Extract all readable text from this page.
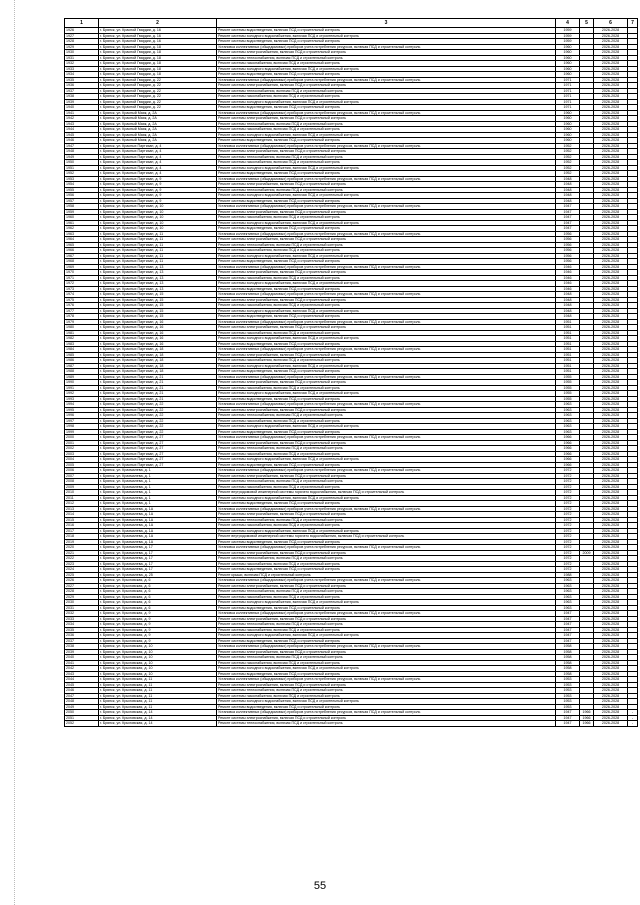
1	2	3	4	5	6	7
1926	г. Брянск, ул. Красной Гвардии, д. 16	Ремонт системы водоотведения, включая ПСД и строительный контроль	1959		2026-2028	
1927	г. Брянск, ул. Красной Гвардии, д. 16	Ремонт системы холодного водоснабжения, включая ПСД и строительный контроль	1959		2026-2028	
1928	г. Брянск, ул. Красной Гвардии, д. 16	Ремонт системы водоотведения, включая ПСД и строительный контроль	1959		2026-2028	
1929	г. Брянск, ул. Красной Гвардии, д. 18	Установка коллективных (общедомовых) приборов учета потребления ресурсов, включая ПСД и строительный контроль	1960		2026-2028	
1930	г. Брянск, ул. Красной Гвардии, д. 18	Ремонт системы электроснабжения, включая ПСД и строительный контроль	1960		2026-2028	
1931	г. Брянск, ул. Красной Гвардии, д. 18	Ремонт системы теплоснабжения, включая ПСД и строительный контроль	1960		2026-2028	
1932	г. Брянск, ул. Красной Гвардии, д. 18	Ремонт системы газоснабжения, включая ПСД и строительный контроль	1960		2026-2028	
1933	г. Брянск, ул. Красной Гвардии, д. 18	Ремонт системы холодного водоснабжения, включая ПСД и строительный контроль	1960		2026-2028	
1934	г. Брянск, ул. Красной Гвардии, д. 18	Ремонт системы водоотведения, включая ПСД и строительный контроль	1960		2026-2028	
1935	г. Брянск, ул. Красной Гвардии, д. 22	Установка коллективных (общедомовых) приборов учета потребления ресурсов, включая ПСД и строительный контроль	1971		2026-2028	
1936	г. Брянск, ул. Красной Гвардии, д. 22	Ремонт системы электроснабжения, включая ПСД и строительный контроль	1971		2026-2028	
1937	г. Брянск, ул. Красной Гвардии, д. 22	Ремонт системы теплоснабжения, включая ПСД и строительный контроль	1971		2026-2028	
1938	г. Брянск, ул. Красной Гвардии, д. 22	Ремонт системы газоснабжения, включая ПСД и строительный контроль	1971		2026-2028	
1939	г. Брянск, ул. Красной Гвардии, д. 22	Ремонт системы холодного водоснабжения, включая ПСД и строительный контроль	1971		2026-2028	
1940	г. Брянск, ул. Красной Гвардии, д. 22	Ремонт системы водоотведения, включая ПСД и строительный контроль	1971		2026-2028	
1941	г. Брянск, ул. Красный Маяк, д. 2А	Установка коллективных (общедомовых) приборов учета потребления ресурсов, включая ПСД и строительный контроль	1960		2026-2028	
1942	г. Брянск, ул. Красный Маяк, д. 2А	Ремонт системы электроснабжения, включая ПСД и строительный контроль	1960		2026-2028	
1943	г. Брянск, ул. Красный Маяк, д. 2А	Ремонт системы теплоснабжения, включая ПСД и строительный контроль	1960		2026-2028	
1944	г. Брянск, ул. Красный Маяк, д. 2А	Ремонт системы газоснабжения, включая ПСД и строительный контроль	1960		2026-2028	
1945	г. Брянск, ул. Красный Маяк, д. 2А	Ремонт системы холодного водоснабжения, включая ПСД и строительный контроль	1960		2026-2028	
1946	г. Брянск, ул. Красный Маяк, д. 2А	Ремонт системы водоотведения, включая ПСД и строительный контроль	1960		2026-2028	
1947	г. Брянск, ул. Красных Партизан, д. 4	Установка коллективных (общедомовых) приборов учета потребления ресурсов, включая ПСД и строительный контроль	1952		2026-2028	
1948	г. Брянск, ул. Красных Партизан, д. 4	Ремонт системы электроснабжения, включая ПСД и строительный контроль	1952		2026-2028	
1949	г. Брянск, ул. Красных Партизан, д. 4	Ремонт системы теплоснабжения, включая ПСД и строительный контроль	1952		2026-2028	
1950	г. Брянск, ул. Красных Партизан, д. 4	Ремонт системы газоснабжения, включая ПСД и строительный контроль	1952		2026-2028	
1951	г. Брянск, ул. Красных Партизан, д. 4	Ремонт системы холодного водоснабжения, включая ПСД и строительный контроль	1952		2026-2028	
1952	г. Брянск, ул. Красных Партизан, д. 4	Ремонт системы водоотведения, включая ПСД и строительный контроль	1952		2026-2028	
1953	г. Брянск, ул. Красных Партизан, д. 9	Установка коллективных (общедомовых) приборов учета потребления ресурсов, включая ПСД и строительный контроль	1948		2026-2028	
1954	г. Брянск, ул. Красных Партизан, д. 9	Ремонт системы электроснабжения, включая ПСД и строительный контроль	1948		2026-2028	
1955	г. Брянск, ул. Красных Партизан, д. 9	Ремонт системы теплоснабжения, включая ПСД и строительный контроль	1948		2026-2028	
1956	г. Брянск, ул. Красных Партизан, д. 9	Ремонт системы холодного водоснабжения, включая ПСД и строительный контроль	1948		2026-2028	
1957	г. Брянск, ул. Красных Партизан, д. 9	Ремонт системы водоотведения, включая ПСД и строительный контроль	1948		2026-2028	
1958	г. Брянск, ул. Красных Партизан, д. 10	Установка коллективных (общедомовых) приборов учета потребления ресурсов, включая ПСД и строительный контроль	1947		2026-2028	
1959	г. Брянск, ул. Красных Партизан, д. 10	Ремонт системы электроснабжения, включая ПСД и строительный контроль	1947		2026-2028	
1960	г. Брянск, ул. Красных Партизан, д. 10	Ремонт системы газоснабжения, включая ПСД и строительный контроль	1947		2026-2028	
1961	г. Брянск, ул. Красных Партизан, д. 10	Ремонт системы холодного водоснабжения, включая ПСД и строительный контроль	1947		2026-2028	
1962	г. Брянск, ул. Красных Партизан, д. 10	Ремонт системы водоотведения, включая ПСД и строительный контроль	1947		2026-2028	
1963	г. Брянск, ул. Красных Партизан, д. 11	Установка коллективных (общедомовых) приборов учета потребления ресурсов, включая ПСД и строительный контроль	1956		2026-2028	
1964	г. Брянск, ул. Красных Партизан, д. 11	Ремонт системы электроснабжения, включая ПСД и строительный контроль	1956		2026-2028	
1965	г. Брянск, ул. Красных Партизан, д. 11	Ремонт системы теплоснабжения, включая ПСД и строительный контроль	1956		2026-2028	
1966	г. Брянск, ул. Красных Партизан, д. 11	Ремонт системы газоснабжения, включая ПСД и строительный контроль	1956		2026-2028	
1967	г. Брянск, ул. Красных Партизан, д. 11	Ремонт системы холодного водоснабжения, включая ПСД и строительный контроль	1956		2026-2028	
1968	г. Брянск, ул. Красных Партизан, д. 11	Ремонт системы водоотведения, включая ПСД и строительный контроль	1956		2026-2028	
1969	г. Брянск, ул. Красных Партизан, д. 13	Установка коллективных (общедомовых) приборов учета потребления ресурсов, включая ПСД и строительный контроль	1946		2026-2028	
1970	г. Брянск, ул. Красных Партизан, д. 13	Ремонт системы электроснабжения, включая ПСД и строительный контроль	1946		2026-2028	
1971	г. Брянск, ул. Красных Партизан, д. 13	Ремонт системы газоснабжения, включая ПСД и строительный контроль	1946		2026-2028	
1972	г. Брянск, ул. Красных Партизан, д. 13	Ремонт системы холодного водоснабжения, включая ПСД и строительный контроль	1946		2026-2028	
1973	г. Брянск, ул. Красных Партизан, д. 13	Ремонт системы водоотведения, включая ПСД и строительный контроль	1946		2026-2028	
1974	г. Брянск, ул. Красных Партизан, д. 15	Установка коллективных (общедомовых) приборов учета потребления ресурсов, включая ПСД и строительный контроль	1948		2026-2028	
1975	г. Брянск, ул. Красных Партизан, д. 15	Ремонт системы электроснабжения, включая ПСД и строительный контроль	1948		2026-2028	
1976	г. Брянск, ул. Красных Партизан, д. 15	Ремонт системы газоснабжения, включая ПСД и строительный контроль	1948		2026-2028	
1977	г. Брянск, ул. Красных Партизан, д. 15	Ремонт системы холодного водоснабжения, включая ПСД и строительный контроль	1948		2026-2028	
1978	г. Брянск, ул. Красных Партизан, д. 15	Ремонт системы водоотведения, включая ПСД и строительный контроль	1948		2026-2028	
1979	г. Брянск, ул. Красных Партизан, д. 16	Установка коллективных (общедомовых) приборов учета потребления ресурсов, включая ПСД и строительный контроль	1951		2026-2028	
1980	г. Брянск, ул. Красных Партизан, д. 16	Ремонт системы электроснабжения, включая ПСД и строительный контроль	1951		2026-2028	
1981	г. Брянск, ул. Красных Партизан, д. 16	Ремонт системы газоснабжения, включая ПСД и строительный контроль	1951		2026-2028	
1982	г. Брянск, ул. Красных Партизан, д. 16	Ремонт системы холодного водоснабжения, включая ПСД и строительный контроль	1951		2026-2028	
1983	г. Брянск, ул. Красных Партизан, д. 16	Ремонт системы водоотведения, включая ПСД и строительный контроль	1951		2026-2028	
1984	г. Брянск, ул. Красных Партизан, д. 18	Установка коллективных (общедомовых) приборов учета потребления ресурсов, включая ПСД и строительный контроль	1951		2026-2028	
1985	г. Брянск, ул. Красных Партизан, д. 18	Ремонт системы электроснабжения, включая ПСД и строительный контроль	1951		2026-2028	
1986	г. Брянск, ул. Красных Партизан, д. 18	Ремонт системы газоснабжения, включая ПСД и строительный контроль	1951		2026-2028	
1987	г. Брянск, ул. Красных Партизан, д. 18	Ремонт системы холодного водоснабжения, включая ПСД и строительный контроль	1951		2026-2028	
1988	г. Брянск, ул. Красных Партизан, д. 18	Ремонт системы водоотведения, включая ПСД и строительный контроль	1951		2026-2028	
1989	г. Брянск, ул. Красных Партизан, д. 21	Установка коллективных (общедомовых) приборов учета потребления ресурсов, включая ПСД и строительный контроль	1955		2026-2028	
1990	г. Брянск, ул. Красных Партизан, д. 21	Ремонт системы электроснабжения, включая ПСД и строительный контроль	1955		2026-2028	
1991	г. Брянск, ул. Красных Партизан, д. 21	Ремонт системы газоснабжения, включая ПСД и строительный контроль	1955		2026-2028	
1992	г. Брянск, ул. Красных Партизан, д. 21	Ремонт системы холодного водоснабжения, включая ПСД и строительный контроль	1955		2026-2028	
1993	г. Брянск, ул. Красных Партизан, д. 21	Ремонт системы водоотведения, включая ПСД и строительный контроль	1955		2026-2028	
1994	г. Брянск, ул. Красных Партизан, д. 22	Установка коллективных (общедомовых) приборов учета потребления ресурсов, включая ПСД и строительный контроль	1963		2026-2028	
1995	г. Брянск, ул. Красных Партизан, д. 22	Ремонт системы электроснабжения, включая ПСД и строительный контроль	1963		2026-2028	
1996	г. Брянск, ул. Красных Партизан, д. 22	Ремонт системы теплоснабжения, включая ПСД и строительный контроль	1963		2026-2028	
1997	г. Брянск, ул. Красных Партизан, д. 22	Ремонт системы газоснабжения, включая ПСД и строительный контроль	1963		2026-2028	
1998	г. Брянск, ул. Красных Партизан, д. 22	Ремонт системы холодного водоснабжения, включая ПСД и строительный контроль	1963		2026-2028	
1999	г. Брянск, ул. Красных Партизан, д. 22	Ремонт системы водоотведения, включая ПСД и строительный контроль	1963		2026-2028	
2000	г. Брянск, ул. Красных Партизан, д. 27	Установка коллективных (общедомовых) приборов учета потребления ресурсов, включая ПСД и строительный контроль	1966		2026-2028	
2001	г. Брянск, ул. Красных Партизан, д. 27	Ремонт системы электроснабжения, включая ПСД и строительный контроль	1966		2026-2028	
2002	г. Брянск, ул. Красных Партизан, д. 27	Ремонт системы теплоснабжения, включая ПСД и строительный контроль	1966		2026-2028	
2003	г. Брянск, ул. Красных Партизан, д. 27	Ремонт системы газоснабжения, включая ПСД и строительный контроль	1966		2026-2028	
2004	г. Брянск, ул. Красных Партизан, д. 27	Ремонт системы холодного водоснабжения, включая ПСД и строительный контроль	1966		2026-2028	
2005	г. Брянск, ул. Красных Партизан, д. 27	Ремонт системы водоотведения, включая ПСД и строительный контроль	1966		2026-2028	
2006	г. Брянск, ул. Крахмалева, д. 1	Установка коллективных (общедомовых) приборов учета потребления ресурсов, включая ПСД и строительный контроль	1972		2026-2028	
2007	г. Брянск, ул. Крахмалева, д. 1	Ремонт системы электроснабжения, включая ПСД и строительный контроль	1972		2026-2028	
2008	г. Брянск, ул. Крахмалева, д. 1	Ремонт системы теплоснабжения, включая ПСД и строительный контроль	1972		2026-2028	
2009	г. Брянск, ул. Крахмалева, д. 1	Ремонт системы газоснабжения, включая ПСД и строительный контроль	1972		2026-2028	
2010	г. Брянск, ул. Крахмалева, д. 1	Ремонт внутридомовой инженерной системы горячего водоснабжения, включая ПСД и строительный контроль	1972		2026-2028	
2011	г. Брянск, ул. Крахмалева, д. 1	Ремонт системы холодного водоснабжения, включая ПСД и строительный контроль	1972		2026-2028	
2012	г. Брянск, ул. Крахмалева, д. 1	Ремонт системы водоотведения, включая ПСД и строительный контроль	1972		2026-2028	
2013	г. Брянск, ул. Крахмалева, д. 1А	Установка коллективных (общедомовых) приборов учета потребления ресурсов, включая ПСД и строительный контроль	1972		2026-2028	
2014	г. Брянск, ул. Крахмалева, д. 1А	Ремонт системы электроснабжения, включая ПСД и строительный контроль	1972		2026-2028	
2015	г. Брянск, ул. Крахмалева, д. 1А	Ремонт системы теплоснабжения, включая ПСД и строительный контроль	1972		2026-2028	
2016	г. Брянск, ул. Крахмалева, д. 1А	Ремонт системы газоснабжения, включая ПСД и строительный контроль	1972		2026-2028	
2017	г. Брянск, ул. Крахмалева, д. 1А	Ремонт системы холодного водоснабжения, включая ПСД и строительный контроль	1972		2026-2028	
2018	г. Брянск, ул. Крахмалева, д. 1А	Ремонт внутридомовой инженерной системы горячего водоснабжения, включая ПСД и строительный контроль	1972		2026-2028	
2019	г. Брянск, ул. Крахмалева, д. 1А	Ремонт системы водоотведения, включая ПСД и строительный контроль	1972		2026-2028	
2020	г. Брянск, ул. Крахмалева, д. 17	Установка коллективных (общедомовых) приборов учета потребления ресурсов, включая ПСД и строительный контроль	1972		2026-2028	
2021	г. Брянск, ул. Крахмалева, д. 17	Ремонт системы электроснабжения, включая ПСД и строительный контроль	1972	2009	2026-2028	
2022	г. Брянск, ул. Крахмалева, д. 17	Ремонт системы теплоснабжения, включая ПСД и строительный контроль	1972		2026-2028	
2023	г. Брянск, ул. Крахмалева, д. 17	Ремонт системы газоснабжения, включая ПСД и строительный контроль	1972		2026-2028	
2024	г. Брянск, ул. Крахмалева, д. 17	Ремонт системы водоотведения, включая ПСД и строительный контроль	1972		2026-2028	
2025	г. Брянск, ул. Крахмалева, д. 25	Ремонт крыши, включая ПСД и строительный контроль	1988		2026-2028	
2026	г. Брянск, ул. Крыловская, д. 6	Установка коллективных (общедомовых) приборов учета потребления ресурсов, включая ПСД и строительный контроль	1963		2026-2028	
2027	г. Брянск, ул. Крыловская, д. 6	Ремонт системы электроснабжения, включая ПСД и строительный контроль	1963		2026-2028	
2028	г. Брянск, ул. Крыловская, д. 6	Ремонт системы теплоснабжения, включая ПСД и строительный контроль	1963		2026-2028	
2029	г. Брянск, ул. Крыловская, д. 6	Ремонт системы газоснабжения, включая ПСД и строительный контроль	1963		2026-2028	
2030	г. Брянск, ул. Крыловская, д. 6	Ремонт системы холодного водоснабжения, включая ПСД и строительный контроль	1963		2026-2028	
2031	г. Брянск, ул. Крыловская, д. 6	Ремонт системы водоотведения, включая ПСД и строительный контроль	1963		2026-2028	
2032	г. Брянск, ул. Крыловская, д. 9	Установка коллективных (общедомовых) приборов учета потребления ресурсов, включая ПСД и строительный контроль	1947		2026-2028	
2033	г. Брянск, ул. Крыловская, д. 9	Ремонт системы электроснабжения, включая ПСД и строительный контроль	1947		2026-2028	
2034	г. Брянск, ул. Крыловская, д. 9	Ремонт системы теплоснабжения, включая ПСД и строительный контроль	1947		2026-2028	
2035	г. Брянск, ул. Крыловская, д. 9	Ремонт системы газоснабжения, включая ПСД и строительный контроль	1947		2026-2028	
2036	г. Брянск, ул. Крыловская, д. 9	Ремонт системы холодного водоснабжения, включая ПСД и строительный контроль	1947		2026-2028	
2037	г. Брянск, ул. Крыловская, д. 9	Ремонт системы водоотведения, включая ПСД и строительный контроль	1947		2026-2028	
2038	г. Брянск, ул. Крыловская, д. 10	Установка коллективных (общедомовых) приборов учета потребления ресурсов, включая ПСД и строительный контроль	1958		2026-2028	
2039	г. Брянск, ул. Крыловская, д. 10	Ремонт системы электроснабжения, включая ПСД и строительный контроль	1958		2026-2028	
2040	г. Брянск, ул. Крыловская, д. 10	Ремонт системы теплоснабжения, включая ПСД и строительный контроль	1958		2026-2028	
2041	г. Брянск, ул. Крыловская, д. 10	Ремонт системы газоснабжения, включая ПСД и строительный контроль	1958		2026-2028	
2042	г. Брянск, ул. Крыловская, д. 10	Ремонт системы холодного водоснабжения, включая ПСД и строительный контроль	1958		2026-2028	
2043	г. Брянск, ул. Крыловская, д. 10	Ремонт системы водоотведения, включая ПСД и строительный контроль	1958		2026-2028	
2044	г. Брянск, ул. Крыловская, д. 11	Установка коллективных (общедомовых) приборов учета потребления ресурсов, включая ПСД и строительный контроль	1953		2026-2028	
2045	г. Брянск, ул. Крыловская, д. 11	Ремонт системы электроснабжения, включая ПСД и строительный контроль	1953		2026-2028	
2046	г. Брянск, ул. Крыловская, д. 11	Ремонт системы теплоснабжения, включая ПСД и строительный контроль	1953		2026-2028	
2047	г. Брянск, ул. Крыловская, д. 11	Ремонт системы газоснабжения, включая ПСД и строительный контроль	1953		2026-2028	
2048	г. Брянск, ул. Крыловская, д. 11	Ремонт системы холодного водоснабжения, включая ПСД и строительный контроль	1953		2026-2028	
2049	г. Брянск, ул. Крыловская, д. 11	Ремонт системы водоотведения, включая ПСД и строительный контроль	1953		2026-2028	
2050	г. Брянск, ул. Крыловская, д. 14	Установка коллективных (общедомовых) приборов учета потребления ресурсов, включая ПСД и строительный контроль	1947	1966	2026-2028	-
2051	г. Брянск, ул. Крыловская, д. 14	Ремонт системы электроснабжения, включая ПСД и строительный контроль	1947	1966	2026-2028	-
2052	г. Брянск, ул. Крыловская, д. 14	Ремонт системы теплоснабжения, включая ПСД и строительный контроль	1947	1966	2026-2028	-
55
